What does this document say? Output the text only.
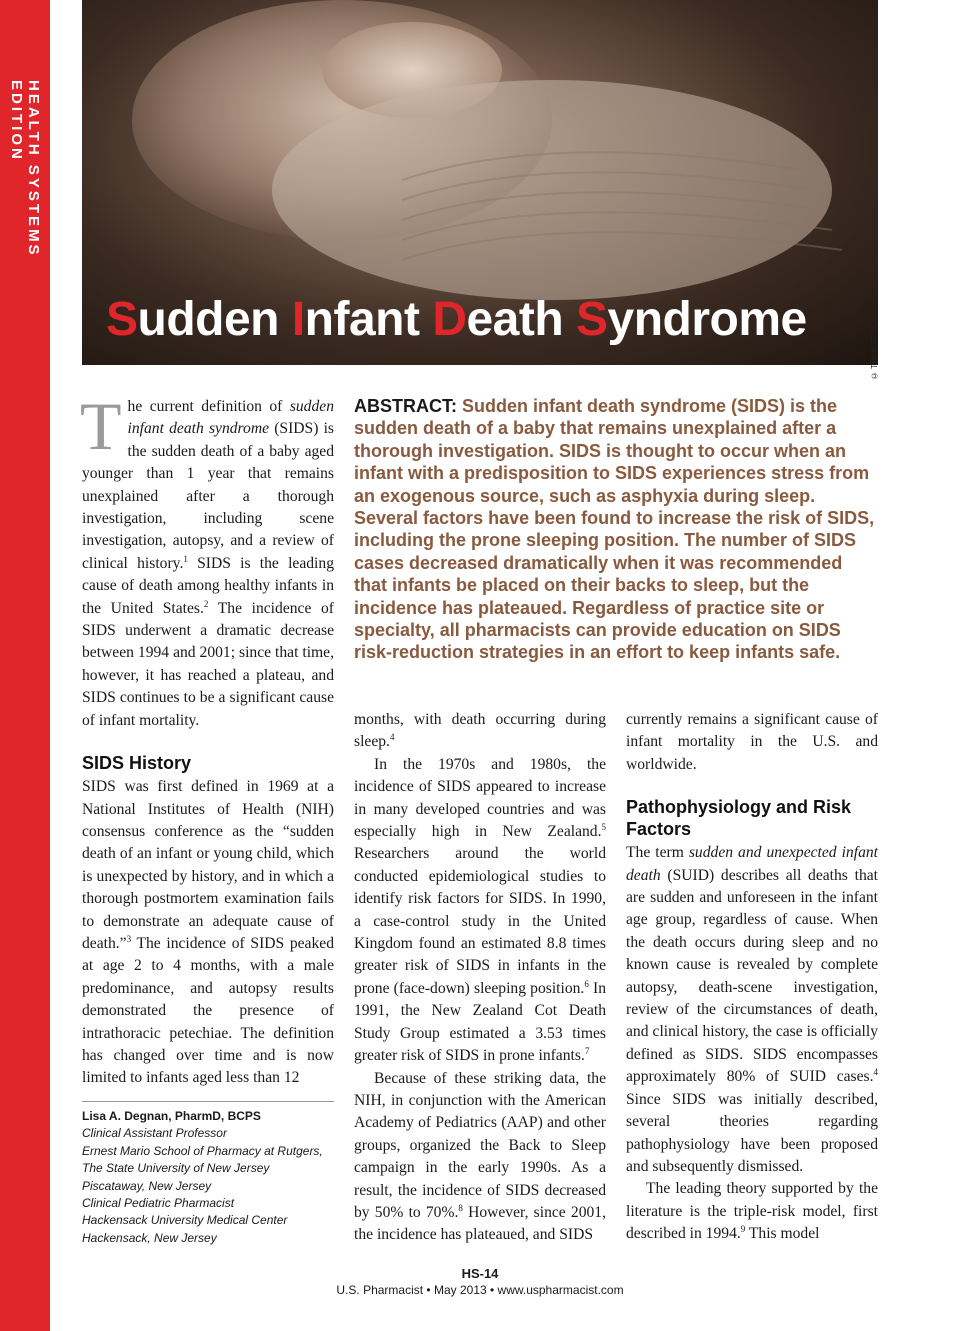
HEALTH SYSTEMS EDITION
Sudden Infant Death Syndrome	© THINKSTOCK
ABSTRACT: Sudden infant death syndrome (SIDS) is the sudden death of a baby that remains unexplained after a thorough investigation. SIDS is thought to occur when an infant with a predisposition to SIDS experiences stress from an exogenous source, such as asphyxia during sleep. Several factors have been found to increase the risk of SIDS, including the prone sleeping position. The number of SIDS cases decreased dramatically when it was recommended that infants be placed on their backs to sleep, but the incidence has plateaued. Regardless of practice site or specialty, all pharmacists can provide education on SIDS risk-reduction strategies in an effort to keep infants safe.

The current definition of sudden infant death syndrome (SIDS) is the sudden death of a baby aged younger than 1 year that remains unexplained after a thorough investigation, including scene investigation, autopsy, and a review of clinical history.$^1$ SIDS is the leading cause of death among healthy infants in the United States.$^2$ The incidence of SIDS underwent a dramatic decrease between 1994 and 2001; since that time, however, it has reached a plateau, and SIDS continues to be a significant cause of infant mortality.

SIDS History

SIDS was first defined in 1969 at a National Institutes of Health (NIH) consensus conference as the “sudden death of an infant or young child, which is unexpected by history, and in which a thorough postmortem examination fails to demonstrate an adequate cause of death.”$^3$ The incidence of SIDS peaked at age 2 to 4 months, with a male predominance, and autopsy results demonstrated the presence of intrathoracic petechiae. The definition has changed over time and is now limited to infants aged less than 12

months, with death occurring during sleep.$^4$

In the 1970s and 1980s, the incidence of SIDS appeared to increase in many developed countries and was especially high in New Zealand.$^5$ Researchers around the world conducted epidemiological studies to identify risk factors for SIDS. In 1990, a case-control study in the United Kingdom found an estimated 8.8 times greater risk of SIDS in infants in the prone (face-down) sleeping position.$^6$ In 1991, the New Zealand Cot Death Study Group estimated a 3.53 times greater risk of SIDS in prone infants.$^7$

Because of these striking data, the NIH, in conjunction with the American Academy of Pediatrics (AAP) and other groups, organized the Back to Sleep campaign in the early 1990s. As a result, the incidence of SIDS decreased by 50% to 70%.$^8$ However, since 2001, the incidence has plateaued, and SIDS

currently remains a significant cause of infant mortality in the U.S. and worldwide.

Pathophysiology and Risk Factors

The term sudden and unexpected infant death (SUID) describes all deaths that are sudden and unforeseen in the infant age group, regardless of cause. When the death occurs during sleep and no known cause is revealed by complete autopsy, death-scene investigation, review of the circumstances of death, and clinical history, the case is officially defined as SIDS. SIDS encompasses approximately 80% of SUID cases.$^4$ Since SIDS was initially described, several theories regarding pathophysiology have been proposed and subsequently dismissed.

The leading theory supported by the literature is the triple-risk model, first described in 1994.$^9$ This model

Lisa A. Degnan, PharmD, BCPS
Clinical Assistant Professor
Ernest Mario School of Pharmacy at Rutgers,
The State University of New Jersey
Piscataway, New Jersey
Clinical Pediatric Pharmacist
Hackensack University Medical Center
Hackensack, New Jersey
HS-14
U.S. Pharmacist • May 2013 • www.uspharmacist.com
